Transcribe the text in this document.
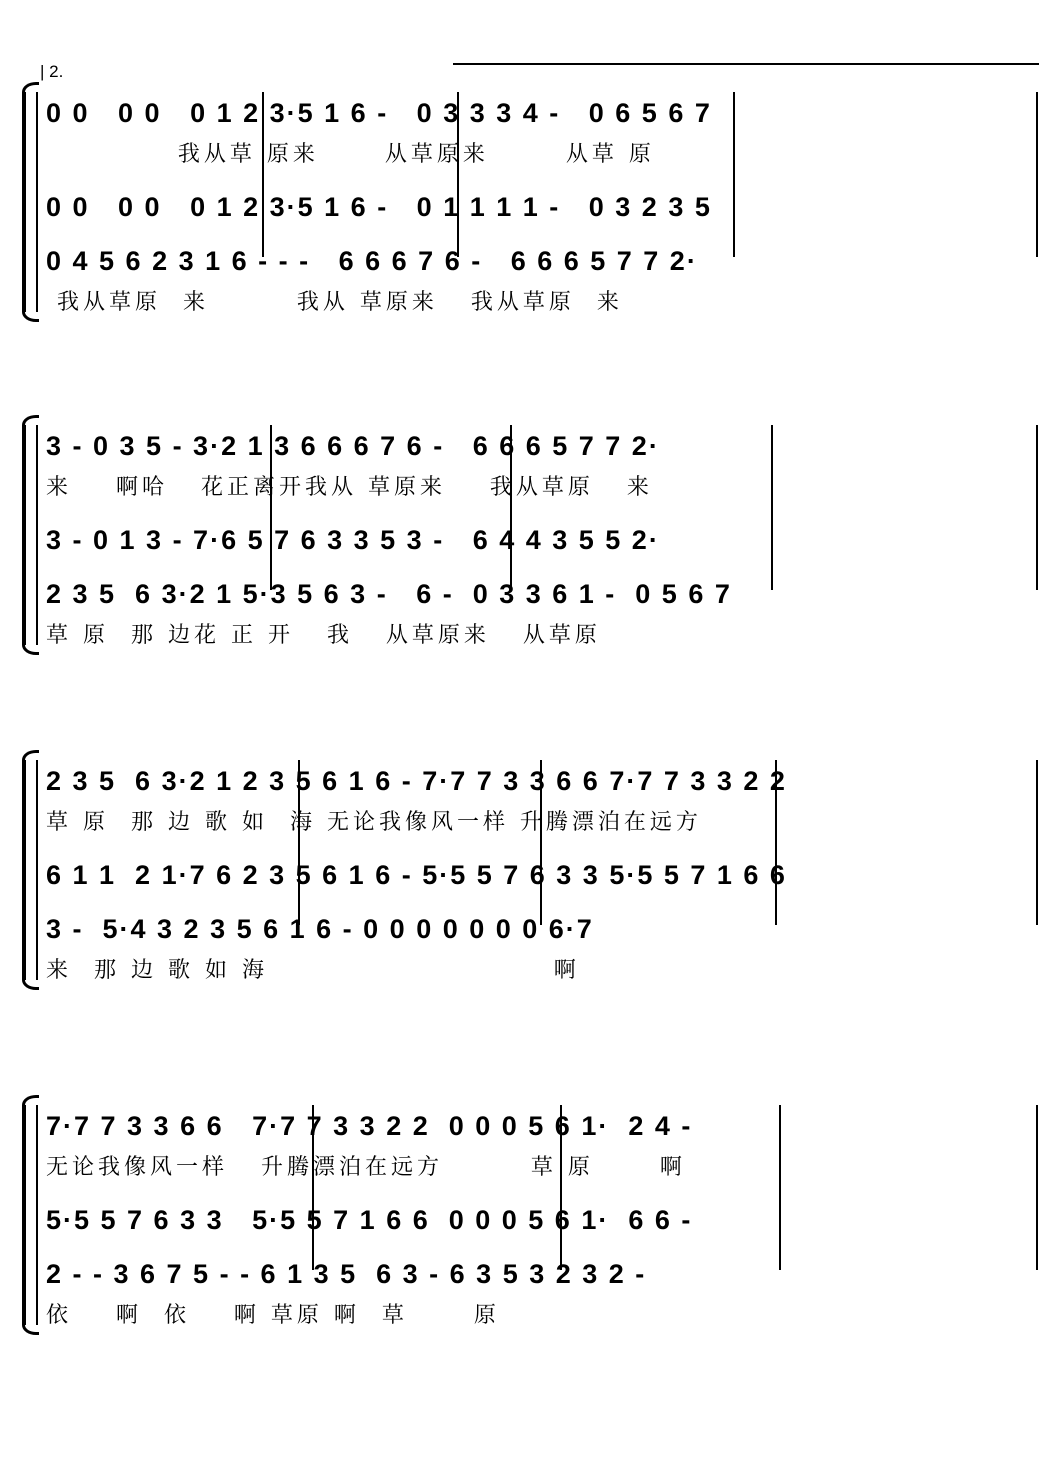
| 2.
0 0   0 0   0 1 2 3·5 1 6 -   0 3 3 3 4 -   0 6 5 6 7
我从草 原来      从草原来       从草 原
0 0   0 0   0 1 2 3·5 1 6 -   0 1 1 1 1 -   0 3 2 3 5
0 4 5 6 2 3 1 6 - - -   6 6 6 7 6 -   6 6 6 5 7 7 2·
我从草原  来        我从 草原来   我从草原  来
3 - 0 3 5 - 3·2 1 3 6 6 6 7 6 -   6 6 6 5 7 7 2·
来    啊哈   花正离开我从 草原来    我从草原   来
3 - 0 1 3 - 7·6 5 7 6 3 3 5 3 -   6 4 4 3 5 5 2·
2 3 5  6 3·2 1 5·3 5 6 3 -   6 -  0 3 3 6 1 -  0 5 6 7
草 原  那 边花 正 开   我   从草原来   从草原
2 3 5  6 3·2 1 2 3 5 6 1 6 - 7·7 7 3 3 6 6 7·7 7 3 3 2 2
草 原  那 边 歌 如  海 无论我像风一样 升腾漂泊在远方
6 1 1  2 1·7 6 2 3 5 6 1 6 - 5·5 5 7 6 3 3 5·5 5 7 1 6 6
3 -  5·4 3 2 3 5 6 1 6 - 0 0 0 0 0 0 0 6·7
来  那 边 歌 如 海                          啊
7·7 7 3 3 6 6   7·7 7 3 3 2 2  0 0 0 5 6 1·  2 4 -
无论我像风一样   升腾漂泊在远方        草 原      啊
5·5 5 7 6 3 3   5·5 5 7 1 6 6  0 0 0 5 6 1·  6 6 -
2 - - 3 6 7 5 - - 6 1 3 5  6 3 - 6 3 5 3 2 3 2 -
依    啊  依    啊 草原 啊  草      原
